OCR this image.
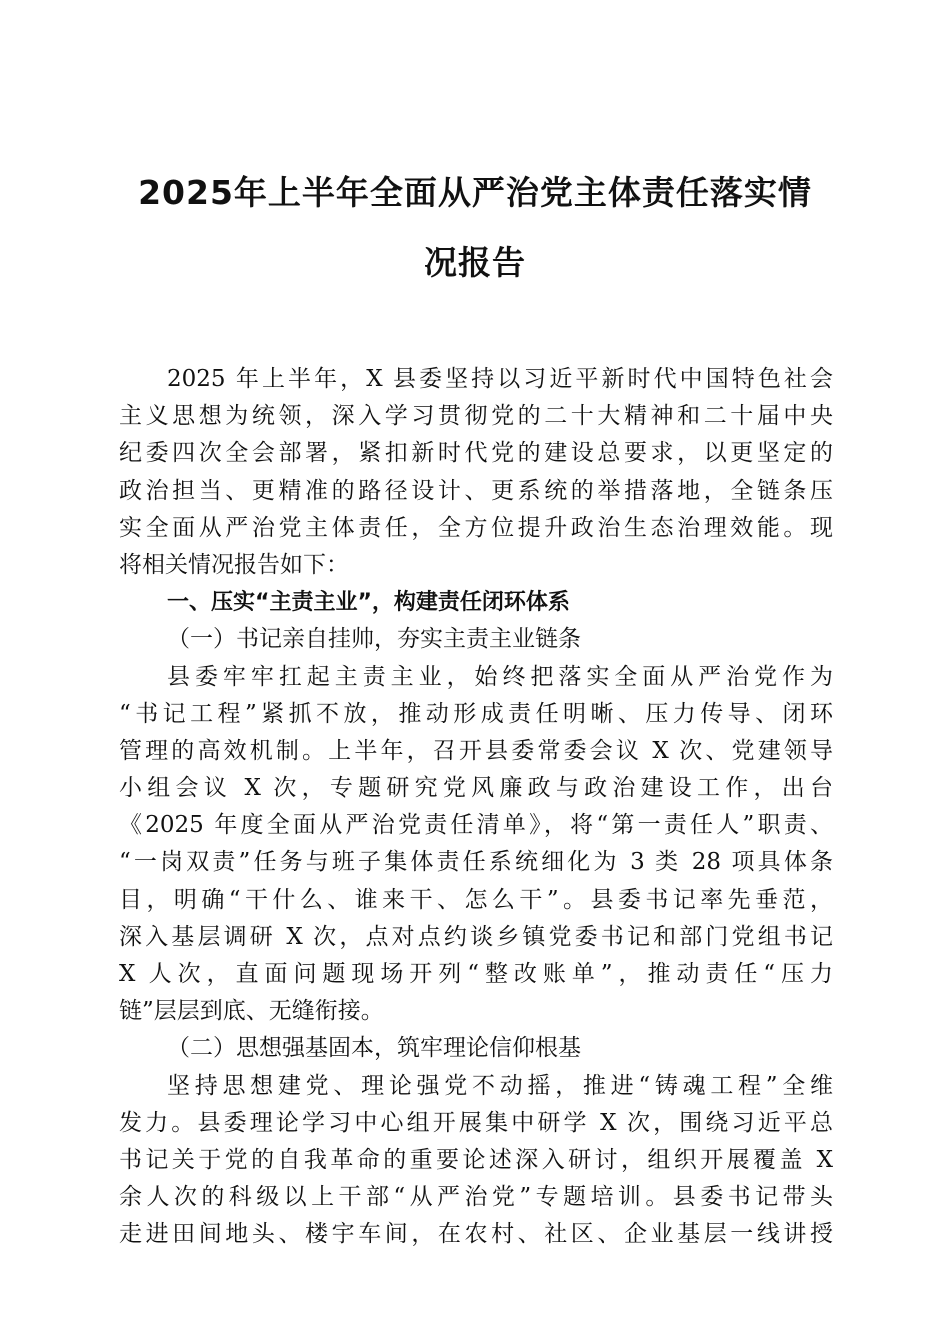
2025年上半年全面从严治党主体责任落实情
况报告
2025 年上半年，X 县委坚持以习近平新时代中国特色社会
主义思想为统领，深入学习贯彻党的二十大精神和二十届中央
纪委四次全会部署，紧扣新时代党的建设总要求，以更坚定的
政治担当、更精准的路径设计、更系统的举措落地，全链条压
实全面从严治党主体责任，全方位提升政治生态治理效能。现
将相关情况报告如下：
一、压实“主责主业”，构建责任闭环体系
（一）书记亲自挂帅，夯实主责主业链条
县委牢牢扛起主责主业，始终把落实全面从严治党作为
“书记工程”紧抓不放，推动形成责任明晰、压力传导、闭环
管理的高效机制。上半年，召开县委常委会议 X 次、党建领导
小组会议 X 次，专题研究党风廉政与政治建设工作，出台
《2025 年度全面从严治党责任清单》，将“第一责任人”职责、
“一岗双责”任务与班子集体责任系统细化为 3 类 28 项具体条
目，明确“干什么、谁来干、怎么干”。县委书记率先垂范，
深入基层调研 X 次，点对点约谈乡镇党委书记和部门党组书记
X 人次，直面问题现场开列“整改账单”，推动责任“压力
链”层层到底、无缝衔接。
（二）思想强基固本，筑牢理论信仰根基
坚持思想建党、理论强党不动摇，推进“铸魂工程”全维
发力。县委理论学习中心组开展集中研学 X 次，围绕习近平总
书记关于党的自我革命的重要论述深入研讨，组织开展覆盖 X
余人次的科级以上干部“从严治党”专题培训。县委书记带头
走进田间地头、楼宇车间，在农村、社区、企业基层一线讲授
